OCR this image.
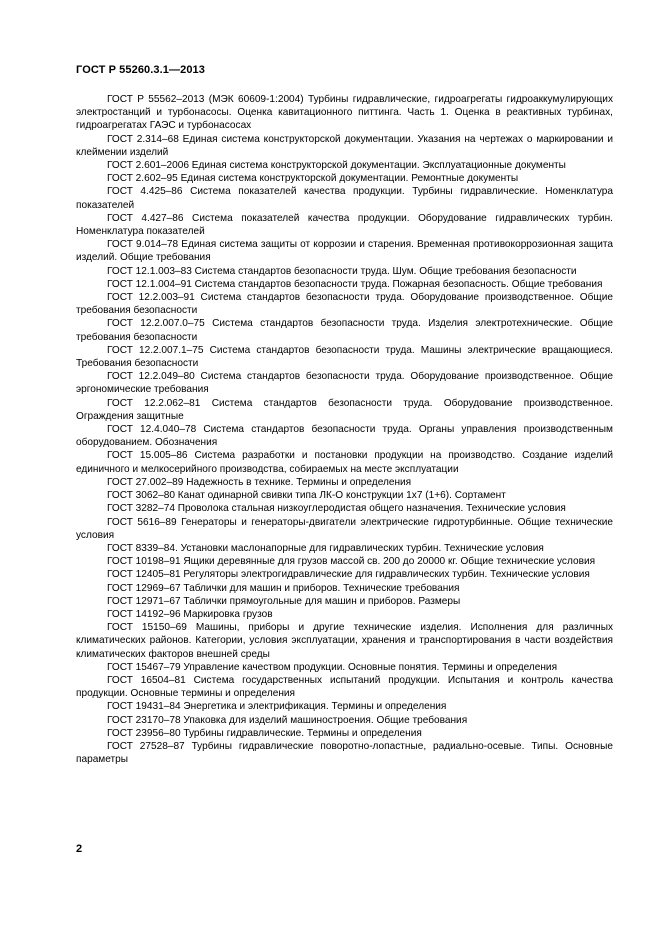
ГОСТ Р 55260.3.1—2013

ГОСТ Р 55562–2013 (МЭК 60609-1:2004) Турбины гидравлические, гидроагрегаты гидроаккумулирующих электростанций и турбонасосы. Оценка кавитационного питтинга. Часть 1. Оценка в реактивных турбинах, гидроагрегатах ГАЭС и турбонасосах

ГОСТ 2.314–68 Единая система конструкторской документации. Указания на чертежах о маркировании и клеймении изделий

ГОСТ 2.601–2006 Единая система конструкторской документации. Эксплуатационные документы

ГОСТ 2.602–95 Единая система конструкторской документации. Ремонтные документы

ГОСТ 4.425–86 Система показателей качества продукции. Турбины гидравлические. Номенклатура показателей

ГОСТ 4.427–86 Система показателей качества продукции. Оборудование гидравлических турбин. Номенклатура показателей

ГОСТ 9.014–78 Единая система защиты от коррозии и старения. Временная противокоррозионная защита изделий. Общие требования

ГОСТ 12.1.003–83 Система стандартов безопасности труда. Шум. Общие требования безопасности

ГОСТ 12.1.004–91 Система стандартов безопасности труда. Пожарная безопасность. Общие требования

ГОСТ 12.2.003–91 Система стандартов безопасности труда. Оборудование производственное. Общие требования безопасности

ГОСТ 12.2.007.0–75 Система стандартов безопасности труда. Изделия электротехнические. Общие требования безопасности

ГОСТ 12.2.007.1–75 Система стандартов безопасности труда. Машины электрические вращающиеся. Требования безопасности

ГОСТ 12.2.049–80 Система стандартов безопасности труда. Оборудование производственное. Общие эргономические требования

ГОСТ 12.2.062–81 Система стандартов безопасности труда. Оборудование производственное. Ограждения защитные

ГОСТ 12.4.040–78 Система стандартов безопасности труда. Органы управления производственным оборудованием. Обозначения

ГОСТ 15.005–86 Система разработки и постановки продукции на производство. Создание изделий единичного и мелкосерийного производства, собираемых на месте эксплуатации

ГОСТ 27.002–89 Надежность в технике. Термины и определения

ГОСТ 3062–80 Канат одинарной свивки типа ЛК-О конструкции 1х7 (1+6). Сортамент

ГОСТ 3282–74 Проволока стальная низкоуглеродистая общего назначения. Технические условия

ГОСТ 5616–89 Генераторы и генераторы-двигатели электрические гидротурбинные. Общие технические условия

ГОСТ 8339–84. Установки маслонапорные для гидравлических турбин. Технические условия

ГОСТ 10198–91 Ящики деревянные для грузов массой св. 200 до 20000 кг. Общие технические условия

ГОСТ 12405–81 Регуляторы электрогидравлические для гидравлических турбин. Технические условия

ГОСТ 12969–67 Таблички для машин и приборов. Технические требования

ГОСТ 12971–67 Таблички прямоугольные для машин и приборов. Размеры

ГОСТ 14192–96 Маркировка грузов

ГОСТ 15150–69 Машины, приборы и другие технические изделия. Исполнения для различных климатических районов. Категории, условия эксплуатации, хранения и транспортирования в части воздействия климатических факторов внешней среды

ГОСТ 15467–79 Управление качеством продукции. Основные понятия. Термины и определения

ГОСТ 16504–81 Система государственных испытаний продукции. Испытания и контроль качества продукции. Основные термины и определения

ГОСТ 19431–84 Энергетика и электрификация. Термины и определения

ГОСТ 23170–78 Упаковка для изделий машиностроения. Общие требования

ГОСТ 23956–80 Турбины гидравлические. Термины и определения

ГОСТ 27528–87 Турбины гидравлические поворотно-лопастные, радиально-осевые. Типы. Основные параметры

2
